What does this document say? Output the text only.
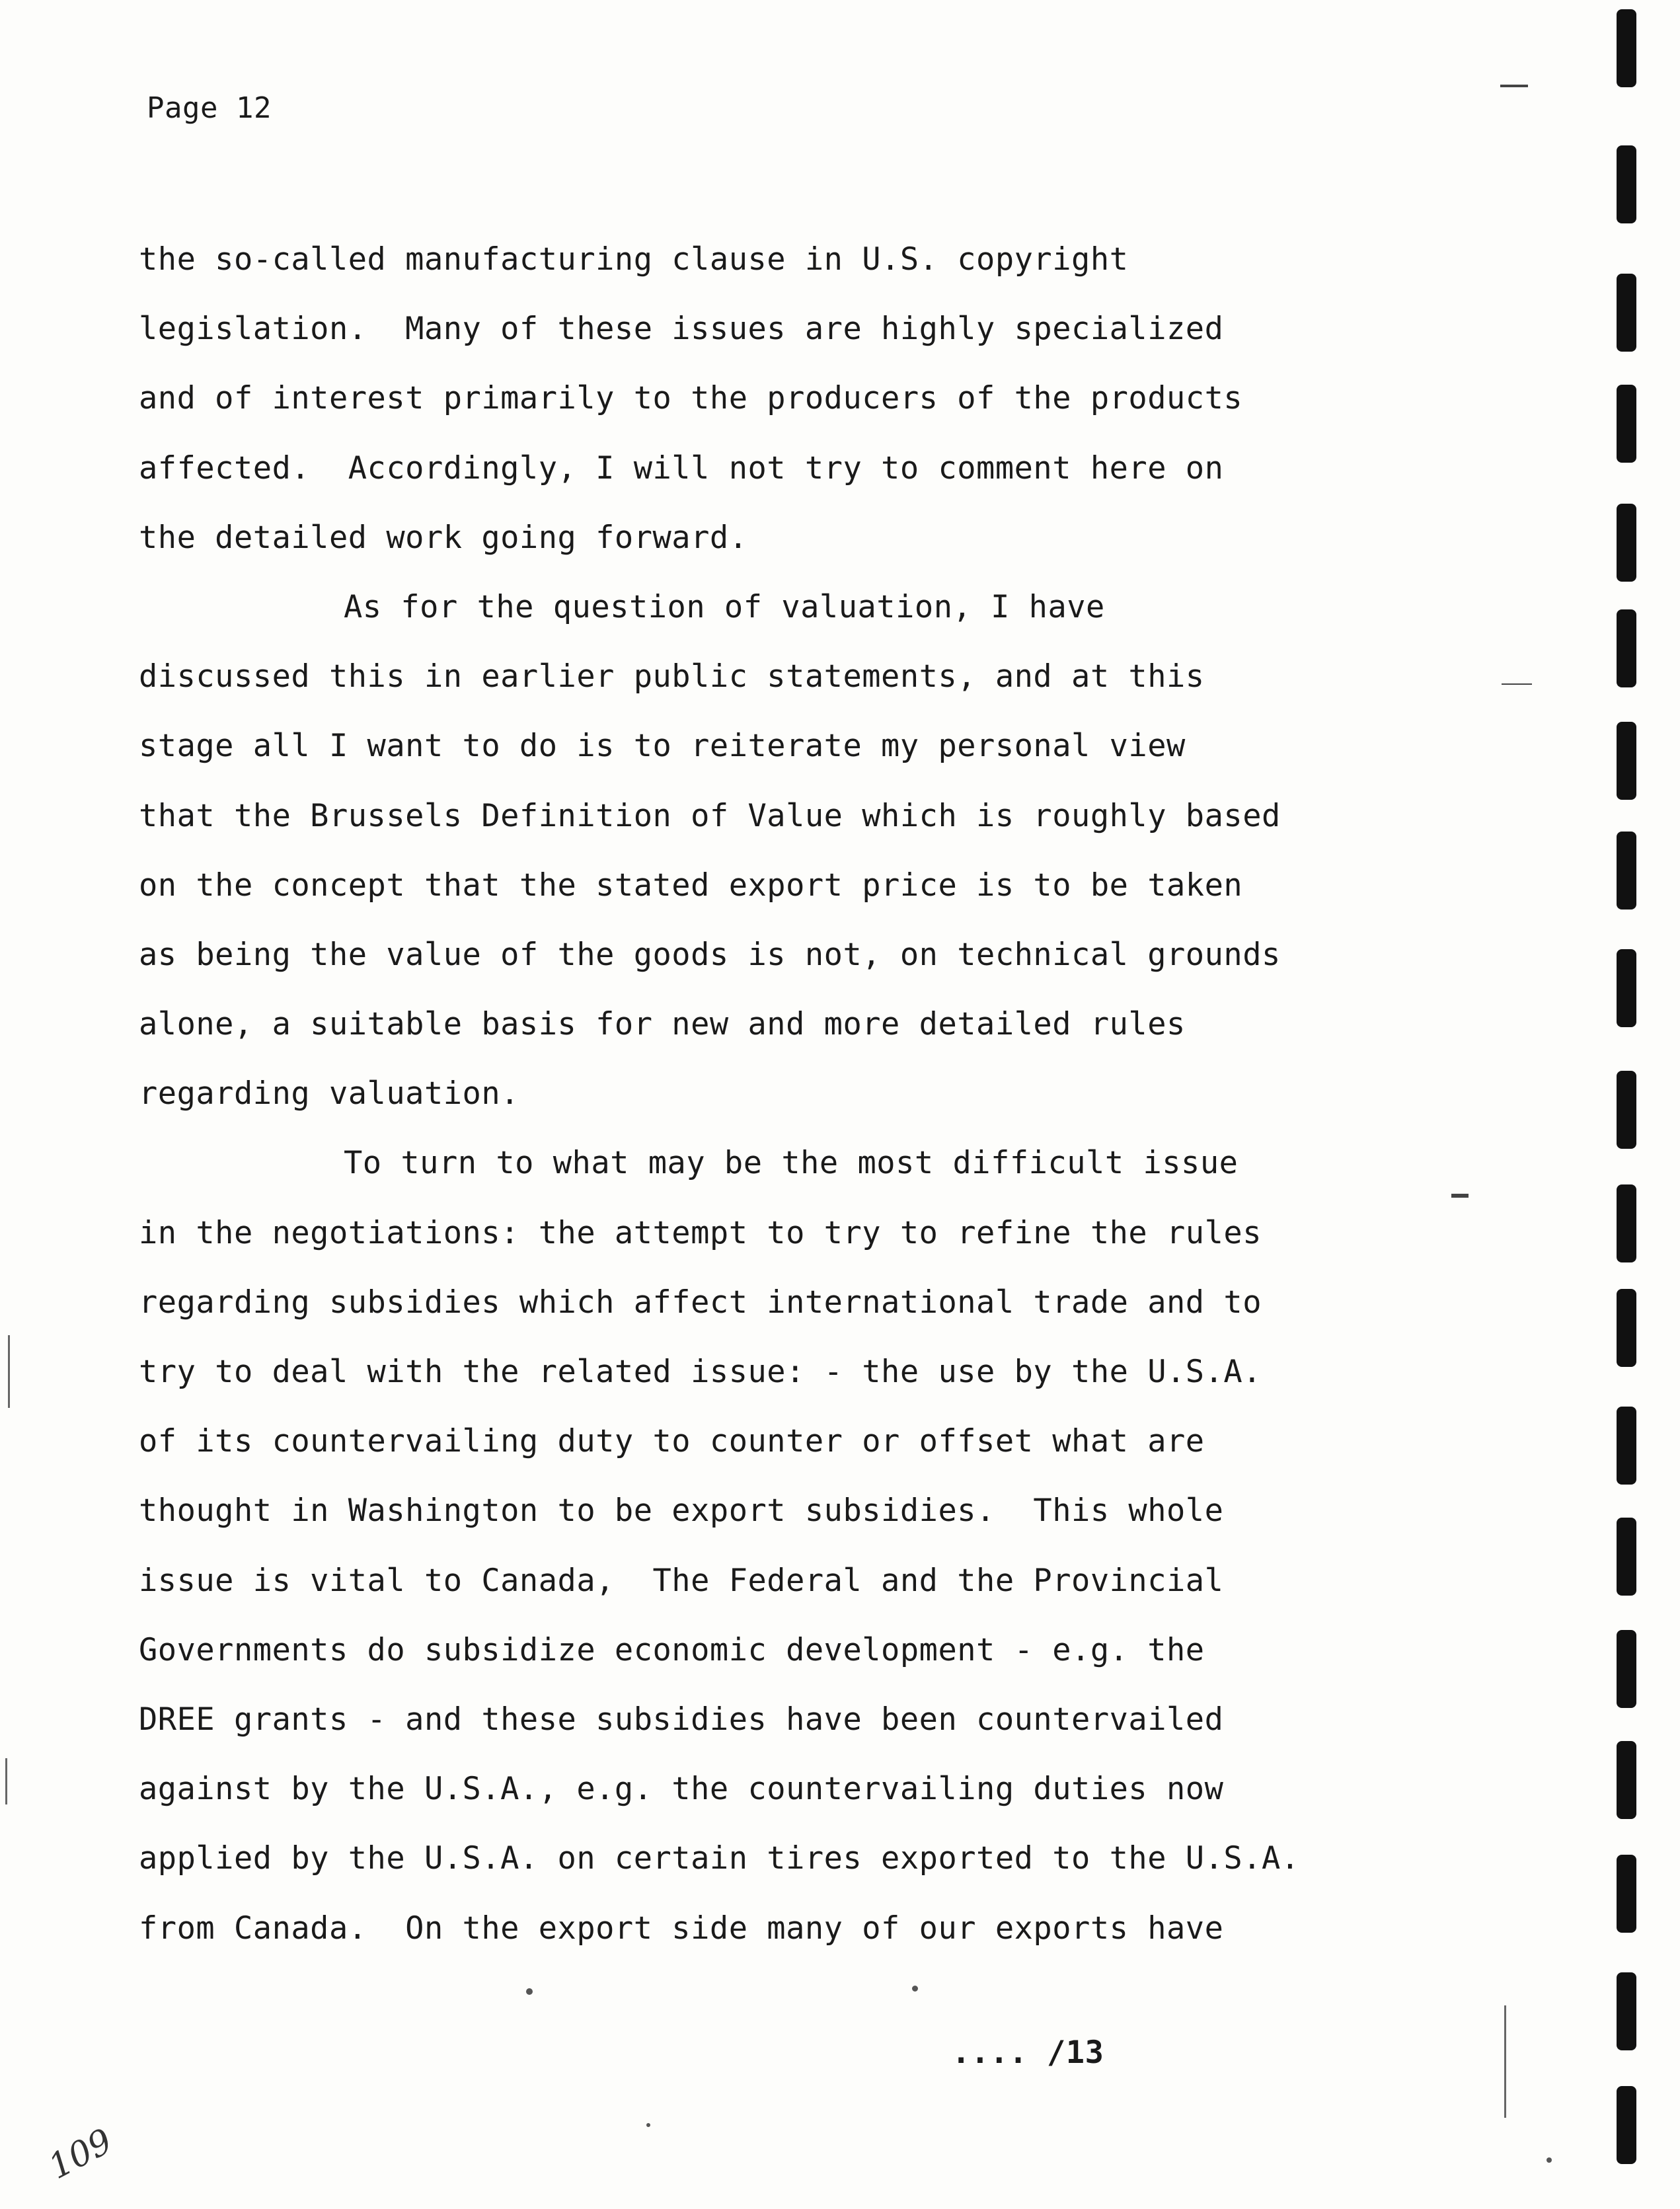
Page 12
the so-called manufacturing clause in U.S. copyright
legislation.  Many of these issues are highly specialized
and of interest primarily to the producers of the products
affected.  Accordingly, I will not try to comment here on
the detailed work going forward.
As for the question of valuation, I have
discussed this in earlier public statements, and at this
stage all I want to do is to reiterate my personal view
that the Brussels Definition of Value which is roughly based
on the concept that the stated export price is to be taken
as being the value of the goods is not, on technical grounds
alone, a suitable basis for new and more detailed rules
regarding valuation.
To turn to what may be the most difficult issue
in the negotiations: the attempt to try to refine the rules
regarding subsidies which affect international trade and to
try to deal with the related issue: - the use by the U.S.A.
of its countervailing duty to counter or offset what are
thought in Washington to be export subsidies.  This whole
issue is vital to Canada,  The Federal and the Provincial
Governments do subsidize economic development - e.g. the
DREE grants - and these subsidies have been countervailed
against by the U.S.A., e.g. the countervailing duties now
applied by the U.S.A. on certain tires exported to the U.S.A.
from Canada.  On the export side many of our exports have
.... /13
109
